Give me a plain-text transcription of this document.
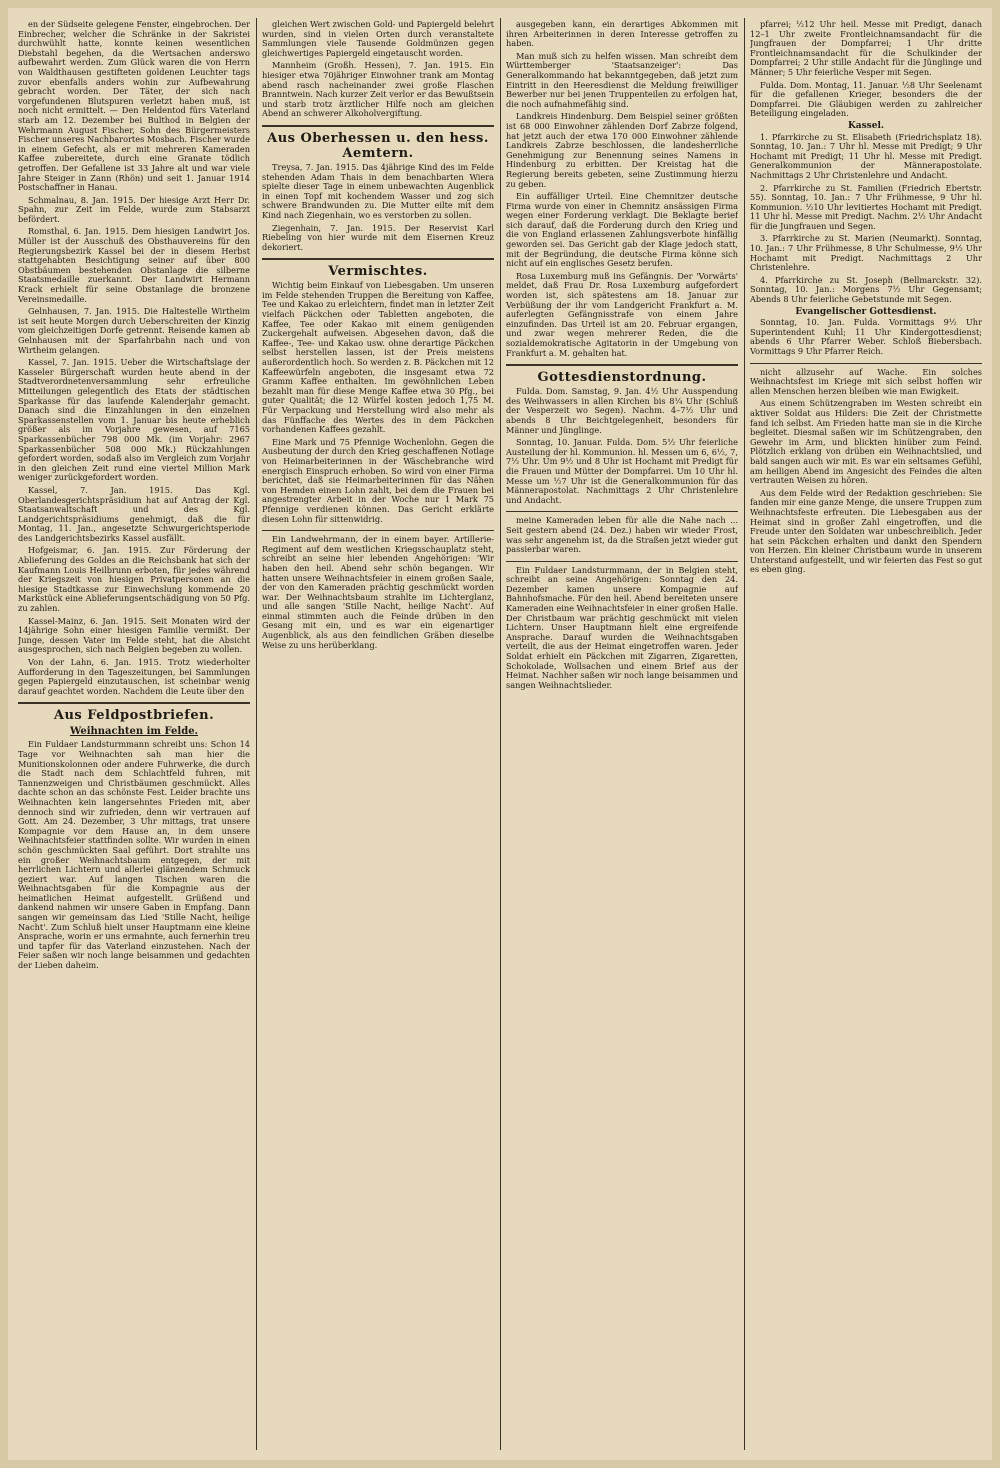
en der Südseite gelegene Fenster, eingebrochen. Der Einbrecher, welcher die Schränke in der Sakristei durchwühlt hatte, konnte keinen wesentlichen Diebstahl begehen, da die Wertsachen anderswo aufbewahrt werden. Zum Glück waren die von Herrn von Waldthausen gestifteten goldenen Leuchter tags zuvor ebenfalls anders wohin zur Aufbewahrung gebracht worden. Der Täter, der sich nach vorgefundenen Blutspuren verletzt haben muß, ist noch nicht ermittelt. — Den Heldentod fürs Vaterland starb am 12. Dezember bei Bulthod in Belgien der Wehrmann August Fischer, Sohn des Bürgermeisters Fischer unseres Nachbarortes Mosbach. Fischer wurde in einem Gefecht, als er mit mehreren Kameraden Kaffee zubereitete, durch eine Granate tödlich getroffen. Der Gefallene ist 33 Jahre alt und war viele Jahre Steiger in Zann (Rhön) und seit 1. Januar 1914 Postschaffner in Hanau.

Schmalnau, 8. Jan. 1915. Der hiesige Arzt Herr Dr. Spahn, zur Zeit im Felde, wurde zum Stabsarzt befördert.

Romsthal, 6. Jan. 1915. Dem hiesigen Landwirt Jos. Müller ist der Ausschuß des Obsthauvereins für den Regierungsbezirk Kassel bei der in diesem Herbst stattgehabten Besichtigung seiner auf über 800 Obstbäumen bestehenden Obstanlage die silberne Staatsmedaille zuerkannt. Der Landwirt Hermann Krack erhielt für seine Obstanlage die bronzene Vereinsmedaille.

Gelnhausen, 7. Jan. 1915. Die Haltestelle Wirtheim ist seit heute Morgen durch Ueberschreiten der Kinzig vom gleichzeitigen Dorfe getrennt. Reisende kamen ab Gelnhausen mit der Sparfahrbahn nach und von Wirtheim gelangen.

Kassel, 7. Jan. 1915. Ueber die Wirtschaftslage der Kasseler Bürgerschaft wurden heute abend in der Stadtverordnetenversammlung sehr erfreuliche Mitteilungen gelegentlich des Etats der städtischen Sparkasse für das laufende Kalenderjahr gemacht. Danach sind die Einzahlungen in den einzelnen Sparkassenstellen vom 1. Januar bis heute erheblich größer als im Vorjahre gewesen, auf 7165 Sparkassenbücher 798 000 Mk. (im Vorjahr: 2967 Sparkassenbücher 508 000 Mk.) Rückzahlungen gefordert worden, sodaß also im Vergleich zum Vorjahr in den gleichen Zeit rund eine viertel Million Mark weniger zurückgefordert worden.

Kassel, 7. Jan. 1915. Das Kgl. Oberlandesgerichtspräsidium hat auf Antrag der Kgl. Staatsanwaltschaft und des Kgl. Landgerichtspräsidiums genehmigt, daß die für Montag, 11. Jan., angesetzte Schwurgerichtsperiode des Landgerichtsbezirks Kassel ausfällt.

Hofgeismar, 6. Jan. 1915. Zur Förderung der Ablieferung des Goldes an die Reichsbank hat sich der Kaufmann Louis Heilbrunn erboten, für jedes während der Kriegszeit von hiesigen Privatpersonen an die hiesige Stadtkasse zur Einwechslung kommende 20 Markstück eine Ablieferungsentschädigung von 50 Pfg. zu zahlen.

Kassel-Mainz, 6. Jan. 1915. Seit Monaten wird der 14jährige Sohn einer hiesigen Familie vermißt. Der Junge, dessen Vater im Felde steht, hat die Absicht ausgesprochen, sich nach Belgien begeben zu wollen.

Von der Lahn, 6. Jan. 1915. Trotz wiederholter Aufforderung in den Tageszeitungen, bei Sammlungen gegen Papiergeld einzutauschen, ist scheinbar wenig darauf geachtet worden. Nachdem die Leute über den

Aus Feldpostbriefen.
Weihnachten im Felde.

Ein Fuldaer Landsturmmann schreibt uns: Schon 14 Tage vor Weihnachten sah man hier die Munitionskolonnen oder andere Fuhrwerke, die durch die Stadt nach dem Schlachtfeld fuhren, mit Tannenzweigen und Christbäumen geschmückt. Alles dachte schon an das schönste Fest. Leider brachte uns Weihnachten kein langersehntes Frieden mit, aber dennoch sind wir zufrieden, denn wir vertrauen auf Gott. Am 24. Dezember, 3 Uhr mittags, trat unsere Kompagnie vor dem Hause an, in dem unsere Weihnachtsfeier stattfinden sollte. Wir wurden in einen schön geschmückten Saal geführt. Dort strahlte uns ein großer Weihnachtsbaum entgegen, der mit herrlichen Lichtern und allerlei glänzendem Schmuck geziert war. Auf langen Tischen waren die Weihnachtsgaben für die Kompagnie aus der heimatlichen Heimat aufgestellt. Grüßend und dankend nahmen wir unsere Gaben in Empfang. Dann sangen wir gemeinsam das Lied 'Stille Nacht, heilige Nacht'. Zum Schluß hielt unser Hauptmann eine kleine Ansprache, worin er uns ermahnte, auch fernerhin treu und tapfer für das Vaterland einzustehen. Nach der Feier saßen wir noch lange beisammen und gedachten der Lieben daheim.

gleichen Wert zwischen Gold- und Papiergeld belehrt wurden, sind in vielen Orten durch veranstaltete Sammlungen viele Tausende Goldmünzen gegen gleichwertiges Papiergeld eingetauscht worden.

Mannheim (Großh. Hessen), 7. Jan. 1915. Ein hiesiger etwa 70jähriger Einwohner trank am Montag abend rasch nacheinander zwei große Flaschen Branntwein. Nach kurzer Zeit verlor er das Bewußtsein und starb trotz ärztlicher Hilfe noch am gleichen Abend an schwerer Alkoholvergiftung.

Aus Oberhessen u. den hess. Aemtern.

Treysa, 7. Jan. 1915. Das 4jährige Kind des im Felde stehenden Adam Thais in dem benachbarten Wiera spielte dieser Tage in einem unbewachten Augenblick in einen Topf mit kochendem Wasser und zog sich schwere Brandwunden zu. Die Mutter eilte mit dem Kind nach Ziegenhain, wo es verstorben zu sollen.

Ziegenhain, 7. Jan. 1915. Der Reservist Karl Riebeling von hier wurde mit dem Eisernen Kreuz dekoriert.

Vermischtes.

Wichtig beim Einkauf von Liebesgaben. Um unseren im Felde stehenden Truppen die Bereitung von Kaffee, Tee und Kakao zu erleichtern, findet man in letzter Zeit vielfach Päckchen oder Tabletten angeboten, die Kaffee, Tee oder Kakao mit einem genügenden Zuckergehalt aufweisen. Abgesehen davon, daß die Kaffee-, Tee- und Kakao usw. ohne derartige Päckchen selbst herstellen lassen, ist der Preis meistens außerordentlich hoch. So werden z. B. Päckchen mit 12 Kaffeewürfeln angeboten, die insgesamt etwa 72 Gramm Kaffee enthalten. Im gewöhnlichen Leben bezahlt man für diese Menge Kaffee etwa 30 Pfg., bei guter Qualität; die 12 Würfel kosten jedoch 1,75 M. Für Verpackung und Herstellung wird also mehr als das Fünffache des Wertes des in dem Päckchen vorhandenen Kaffees gezahlt.

Eine Mark und 75 Pfennige Wochenlohn. Gegen die Ausbeutung der durch den Krieg geschaffenen Notlage von Heimarbeiterinnen in der Wäschebranche wird energisch Einspruch erhoben. So wird von einer Firma berichtet, daß sie Heimarbeiterinnen für das Nähen von Hemden einen Lohn zahlt, bei dem die Frauen bei angestrengter Arbeit in der Woche nur 1 Mark 75 Pfennige verdienen können. Das Gericht erklärte diesen Lohn für sittenwidrig.

Ein Landwehrmann, der in einem bayer. Artillerie-Regiment auf dem westlichen Kriegsschauplatz steht, schreibt an seine hier lebenden Angehörigen: 'Wir haben den heil. Abend sehr schön begangen. Wir hatten unsere Weihnachtsfeier in einem großen Saale, der von den Kameraden prächtig geschmückt worden war. Der Weihnachtsbaum strahlte im Lichterglanz, und alle sangen 'Stille Nacht, heilige Nacht'. Auf einmal stimmten auch die Feinde drüben in den Gesang mit ein, und es war ein eigenartiger Augenblick, als aus den feindlichen Gräben dieselbe Weise zu uns herüberklang.

ausgegeben kann, ein derartiges Abkommen mit ihren Arbeiterinnen in deren Interesse getroffen zu haben.

Man muß sich zu helfen wissen. Man schreibt dem Württemberger 'Staatsanzeiger': Das Generalkommando hat bekanntgegeben, daß jetzt zum Eintritt in den Heeresdienst die Meldung freiwilliger Bewerber nur bei jenen Truppenteilen zu erfolgen hat, die noch aufnahmefähig sind.

Landkreis Hindenburg. Dem Beispiel seiner größten ist 68 000 Einwohner zählenden Dorf Zabrze folgend, hat jetzt auch der etwa 170 000 Einwohner zählende Landkreis Zabrze beschlossen, die landesherrliche Genehmigung zur Benennung seines Namens in Hindenburg zu erbitten. Der Kreistag hat die Regierung bereits gebeten, seine Zustimmung hierzu zu geben.

Ein auffälliger Urteil. Eine Chemnitzer deutsche Firma wurde von einer in Chemnitz ansässigen Firma wegen einer Forderung verklagt. Die Beklagte berief sich darauf, daß die Forderung durch den Krieg und die von England erlassenen Zahlungsverbote hinfällig geworden sei. Das Gericht gab der Klage jedoch statt, mit der Begründung, die deutsche Firma könne sich nicht auf ein englisches Gesetz berufen.

Rosa Luxemburg muß ins Gefängnis. Der 'Vorwärts' meldet, daß Frau Dr. Rosa Luxemburg aufgefordert worden ist, sich spätestens am 18. Januar zur Verbüßung der ihr vom Landgericht Frankfurt a. M. auferlegten Gefängnisstrafe von einem Jahre einzufinden. Das Urteil ist am 20. Februar ergangen, und zwar wegen mehrerer Reden, die die sozialdemokratische Agitatorin in der Umgebung von Frankfurt a. M. gehalten hat.

Gottesdienstordnung.

Fulda. Dom. Samstag, 9. Jan. 4½ Uhr Ausspendung des Weihwassers in allen Kirchen bis 8¼ Uhr (Schluß der Vesperzeit wo Segen). Nachm. 4–7½ Uhr und abends 8 Uhr Beichtgelegenheit, besonders für Männer und Jünglinge.

Sonntag, 10. Januar. Fulda. Dom. 5½ Uhr feierliche Austeilung der hl. Kommunion. hl. Messen um 6, 6½, 7, 7½ Uhr. Um 9½ und 8 Uhr ist Hochamt mit Predigt für die Frauen und Mütter der Dompfarrei. Um 10 Uhr hl. Messe um ½7 Uhr ist die Generalkommunion für das Männerapostolat. Nachmittags 2 Uhr Christenlehre und Andacht.

meine Kameraden leben für alle die Nahe nach ... Seit gestern abend (24. Dez.) haben wir wieder Frost, was sehr angenehm ist, da die Straßen jetzt wieder gut passierbar waren.

Ein Fuldaer Landsturmmann, der in Belgien steht, schreibt an seine Angehörigen: Sonntag den 24. Dezember kamen unsere Kompagnie auf Bahnhofsmache. Für den heil. Abend bereiteten unsere Kameraden eine Weihnachtsfeier in einer großen Halle. Der Christbaum war prächtig geschmückt mit vielen Lichtern. Unser Hauptmann hielt eine ergreifende Ansprache. Darauf wurden die Weihnachtsgaben verteilt, die aus der Heimat eingetroffen waren. Jeder Soldat erhielt ein Päckchen mit Zigarren, Zigaretten, Schokolade, Wollsachen und einem Brief aus der Heimat. Nachher saßen wir noch lange beisammen und sangen Weihnachtslieder.

pfarrei; ½12 Uhr heil. Messe mit Predigt, danach 12–1 Uhr zweite Frontleichnamsandacht für die Jungfrauen der Dompfarrei; 1 Uhr dritte Frontleichnamsandacht für die Schulkinder der Dompfarrei; 2 Uhr stille Andacht für die Jünglinge und Männer; 5 Uhr feierliche Vesper mit Segen.

Fulda. Dom. Montag, 11. Januar. ½8 Uhr Seelenamt für die gefallenen Krieger, besonders die der Dompfarrei. Die Gläubigen werden zu zahlreicher Beteiligung eingeladen.

Kassel.

1. Pfarrkirche zu St. Elisabeth (Friedrichsplatz 18). Sonntag, 10. Jan.: 7 Uhr hl. Messe mit Predigt; 9 Uhr Hochamt mit Predigt; 11 Uhr hl. Messe mit Predigt. Generalkommunion der Männerapostolate. Nachmittags 2 Uhr Christenlehre und Andacht.

2. Pfarrkirche zu St. Familien (Friedrich Ebertstr. 55). Sonntag, 10. Jan.: 7 Uhr Frühmesse, 9 Uhr hl. Kommunion. ½10 Uhr levitiertes Hochamt mit Predigt. 11 Uhr hl. Messe mit Predigt. Nachm. 2½ Uhr Andacht für die Jungfrauen und Segen.

3. Pfarrkirche zu St. Marien (Neumarkt). Sonntag, 10. Jan.: 7 Uhr Frühmesse, 8 Uhr Schulmesse, 9½ Uhr Hochamt mit Predigt. Nachmittags 2 Uhr Christenlehre.

4. Pfarrkirche zu St. Joseph (Bellmarckstr. 32). Sonntag, 10. Jan.: Morgens 7½ Uhr Gegensamt; Abends 8 Uhr feierliche Gebetstunde mit Segen.

Evangelischer Gottesdienst.

Sonntag, 10. Jan. Fulda. Vormittags 9½ Uhr Superintendent Kuhl; 11 Uhr Kindergottesdienst; abends 6 Uhr Pfarrer Weber. Schloß Biebersbach. Vormittags 9 Uhr Pfarrer Reich.

nicht allzusehr auf Wache. Ein solches Weihnachtsfest im Kriege mit sich selbst hoffen wir allen Menschen herzen bleiben wie man Ewigkeit.

Aus einem Schützengraben im Westen schreibt ein aktiver Soldat aus Hilders: Die Zeit der Christmette fand ich selbst. Am Frieden hatte man sie in die Kirche begleitet. Diesmal saßen wir im Schützengraben, den Gewehr im Arm, und blickten hinüber zum Feind. Plötzlich erklang von drüben ein Weihnachtslied, und bald sangen auch wir mit. Es war ein seltsames Gefühl, am heiligen Abend im Angesicht des Feindes die alten vertrauten Weisen zu hören.

Aus dem Felde wird der Redaktion geschrieben: Sie fanden mir eine ganze Menge, die unsere Truppen zum Weihnachtsfeste erfreuten. Die Liebesgaben aus der Heimat sind in großer Zahl eingetroffen, und die Freude unter den Soldaten war unbeschreiblich. Jeder hat sein Päckchen erhalten und dankt den Spendern von Herzen. Ein kleiner Christbaum wurde in unserem Unterstand aufgestellt, und wir feierten das Fest so gut es eben ging.
